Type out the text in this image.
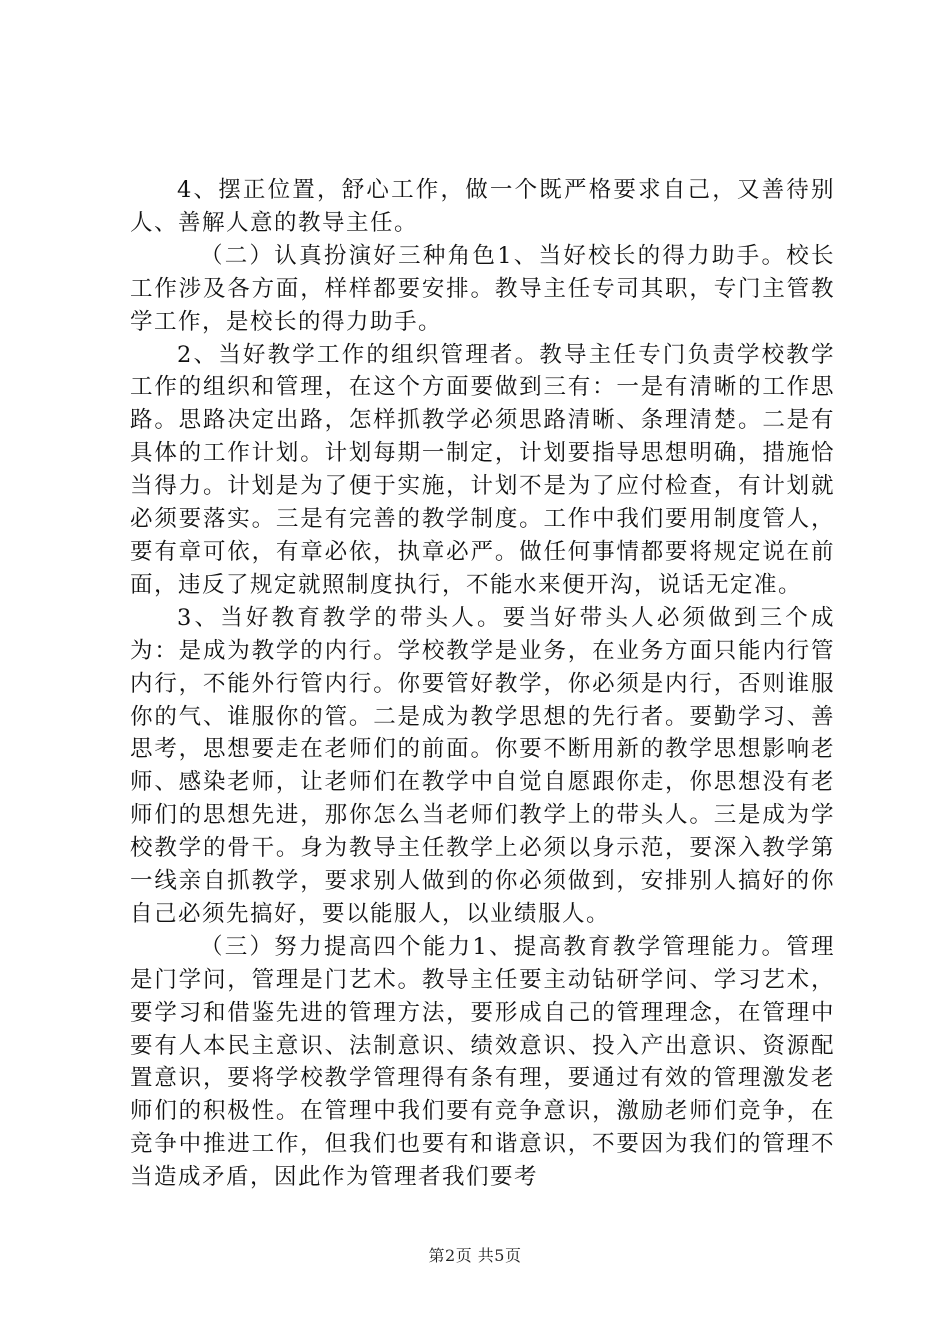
4、摆正位置，舒心工作，做一个既严格要求自己，又善待别人、善解人意的教导主任。

（二）认真扮演好三种角色1、当好校长的得力助手。校长工作涉及各方面，样样都要安排。教导主任专司其职，专门主管教学工作，是校长的得力助手。

2、当好教学工作的组织管理者。教导主任专门负责学校教学工作的组织和管理，在这个方面要做到三有：一是有清晰的工作思路。思路决定出路，怎样抓教学必须思路清晰、条理清楚。二是有具体的工作计划。计划每期一制定，计划要指导思想明确，措施恰当得力。计划是为了便于实施，计划不是为了应付检查，有计划就必须要落实。三是有完善的教学制度。工作中我们要用制度管人，要有章可依，有章必依，执章必严。做任何事情都要将规定说在前面，违反了规定就照制度执行，不能水来便开沟，说话无定准。

3、当好教育教学的带头人。要当好带头人必须做到三个成为：是成为教学的内行。学校教学是业务，在业务方面只能内行管内行，不能外行管内行。你要管好教学，你必须是内行，否则谁服你的气、谁服你的管。二是成为教学思想的先行者。要勤学习、善思考，思想要走在老师们的前面。你要不断用新的教学思想影响老师、感染老师，让老师们在教学中自觉自愿跟你走，你思想没有老师们的思想先进，那你怎么当老师们教学上的带头人。三是成为学校教学的骨干。身为教导主任教学上必须以身示范，要深入教学第一线亲自抓教学，要求别人做到的你必须做到，安排别人搞好的你自己必须先搞好，要以能服人，以业绩服人。

（三）努力提高四个能力1、提高教育教学管理能力。管理是门学问，管理是门艺术。教导主任要主动钻研学问、学习艺术，要学习和借鉴先进的管理方法，要形成自己的管理理念，在管理中要有人本民主意识、法制意识、绩效意识、投入产出意识、资源配置意识，要将学校教学管理得有条有理，要通过有效的管理激发老师们的积极性。在管理中我们要有竞争意识，激励老师们竞争，在竞争中推进工作，但我们也要有和谐意识，不要因为我们的管理不当造成矛盾，因此作为管理者我们要考

第2页 共5页
